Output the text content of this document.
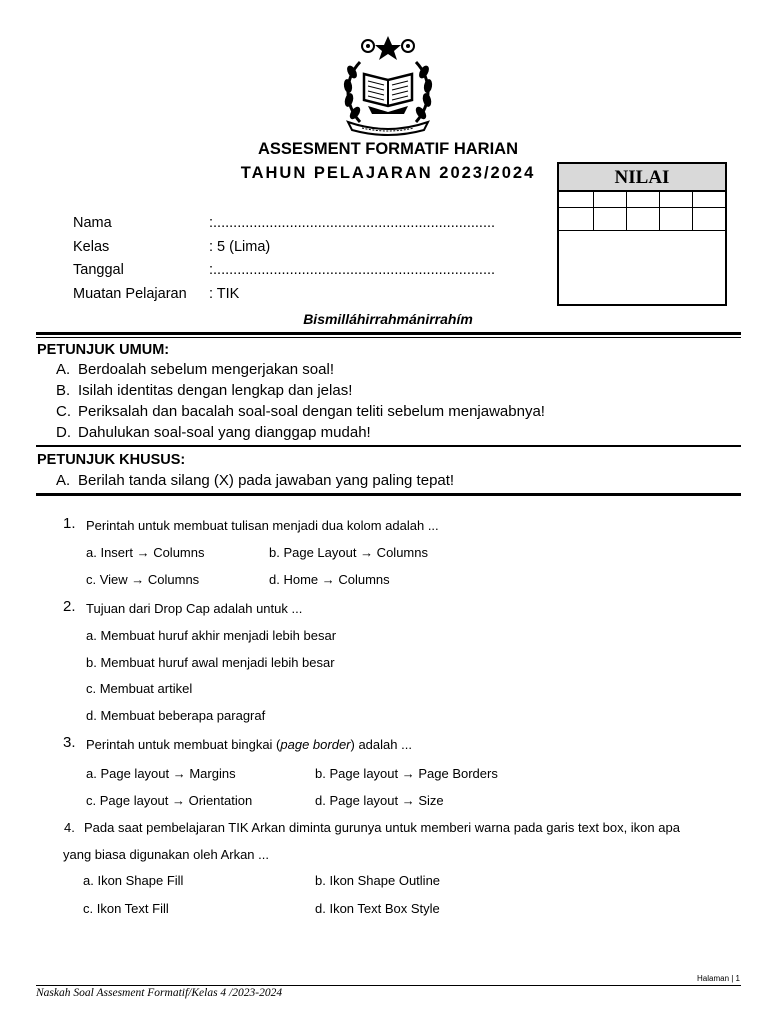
ASSESMENT FORMATIF HARIAN
TAHUN PELAJARAN 2023/2024	NILAI
Nama	:......................................................................
Kelas	: 5 (Lima)
Tanggal	:......................................................................
Muatan Pelajaran : TIK
Bismilláhirrahmánirrahím
PETUNJUK UMUM:
A. Berdoalah sebelum mengerjakan soal!
B. Isilah identitas dengan lengkap dan jelas!
C. Periksalah dan bacalah soal-soal dengan teliti sebelum menjawabnya!
D. Dahulukan soal-soal yang dianggap mudah!
PETUNJUK KHUSUS:
A. Berilah tanda silang (X) pada jawaban yang paling tepat!
1. Perintah untuk membuat tulisan menjadi dua kolom adalah ...
a. Insert → Columns	b. Page Layout → Columns
c. View → Columns	d. Home → Columns
2. Tujuan dari Drop Cap adalah untuk ...
a. Membuat huruf akhir menjadi lebih besar
b. Membuat huruf awal menjadi lebih besar
c. Membuat artikel
d. Membuat beberapa paragraf
3. Perintah untuk membuat bingkai (page border) adalah ...
a. Page layout → Margins	b. Page layout → Page Borders
c. Page layout → Orientation	d. Page layout → Size
4. Pada saat pembelajaran TIK Arkan diminta gurunya untuk memberi warna pada garis text box, ikon apa
yang biasa digunakan oleh Arkan ...
a. Ikon Shape Fill	b. Ikon Shape Outline
c. Ikon Text Fill	d. Ikon Text Box Style
Halaman | 1
Naskah Soal Assesment Formatif/Kelas 4 /2023-2024
